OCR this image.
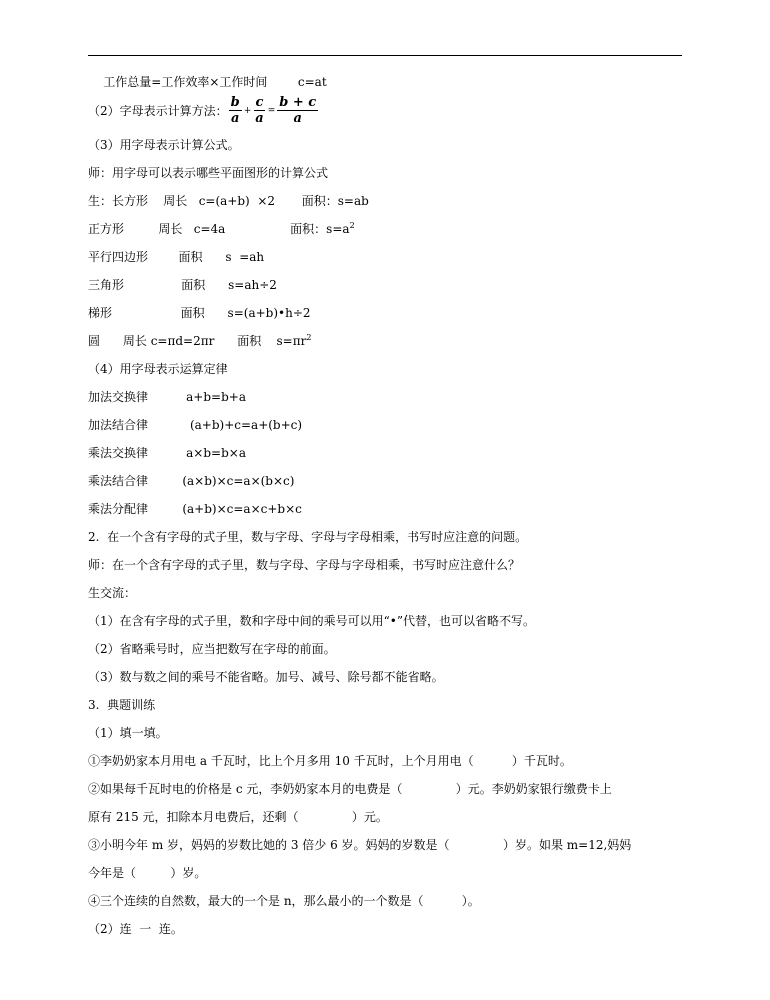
工作总量=工作效率×工作时间        c=at
（2）字母表示计算方法： $\frac{b}{a} + \frac{c}{a} = \frac{b + c}{a}$
（3）用字母表示计算公式。
师：用字母可以表示哪些平面图形的计算公式
生：长方形    周长   c=(a+b)  ×2       面积：s=ab
正方形         周长   c=4a                 面积：$s=a^2$
平行四边形        面积      s  =ah
三角形               面积      s=ah÷2
梯形                  面积      s=(a+b)•h÷2
圆      周长 c=πd=2πr      面积    $s=\pi r^2$
（4）用字母表示运算定律
加法交换律          a+b=b+a
加法结合律           (a+b)+c=a+(b+c)
乘法交换律          a×b=b×a
乘法结合律         (a×b)×c=a×(b×c)
乘法分配律         (a+b)×c=a×c+b×c
2.  在一个含有字母的式子里，数与字母、字母与字母相乘，书写时应注意的问题。
师：在一个含有字母的式子里，数与字母、字母与字母相乘，书写时应注意什么？
生交流：
（1）在含有字母的式子里，数和字母中间的乘号可以用“•”代替，也可以省略不写。
（2）省略乘号时，应当把数写在字母的前面。
（3）数与数之间的乘号不能省略。加号、减号、除号都不能省略。
3.  典题训练
（1）填一填。
①李奶奶家本月用电 a 千瓦时，比上个月多用 10 千瓦时，上个月用电（          ）千瓦时。
②如果每千瓦时电的价格是 c 元，李奶奶家本月的电费是（              ）元。李奶奶家银行缴费卡上
原有 215 元，扣除本月电费后，还剩（              ）元。
③小明今年 m 岁，妈妈的岁数比她的 3 倍少 6 岁。妈妈的岁数是（              ）岁。如果 m=12,妈妈
今年是（         ）岁。
④三个连续的自然数，最大的一个是 n，那么最小的一个数是（          ）。
（2）连  一  连。
